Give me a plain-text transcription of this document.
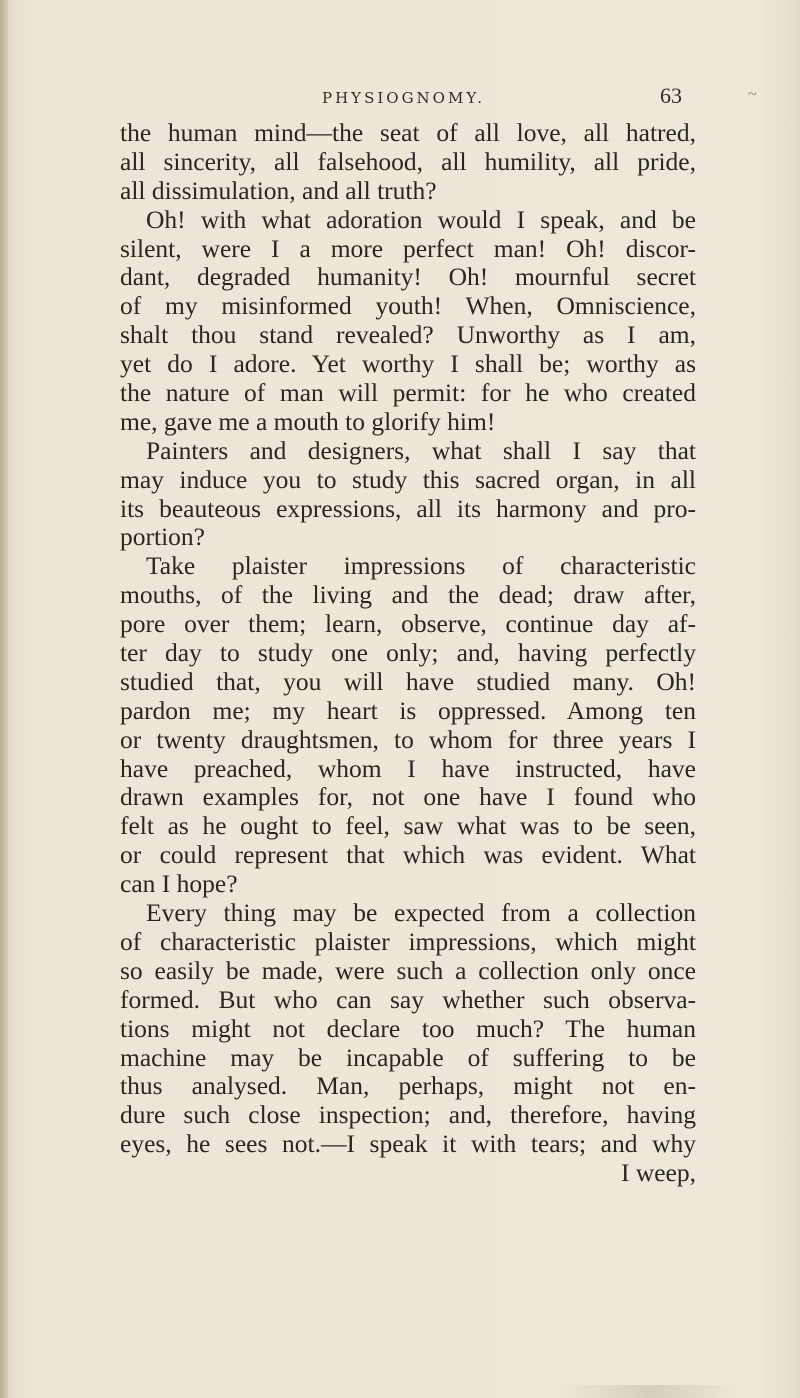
PHYSIOGNOMY.	63	~
the human mind—the seat of all love, all hatred,
all sincerity, all falsehood, all humility, all pride,
all dissimulation, and all truth?
Oh! with what adoration would I speak, and be
silent, were I a more perfect man! Oh! discor-
dant, degraded humanity! Oh! mournful secret
of my misinformed youth! When, Omniscience,
shalt thou stand revealed? Unworthy as I am,
yet do I adore. Yet worthy I shall be; worthy as
the nature of man will permit: for he who created
me, gave me a mouth to glorify him!
Painters and designers, what shall I say that
may induce you to study this sacred organ, in all
its beauteous expressions, all its harmony and pro-
portion?
Take plaister impressions of characteristic
mouths, of the living and the dead; draw after,
pore over them; learn, observe, continue day af-
ter day to study one only; and, having perfectly
studied that, you will have studied many. Oh!
pardon me; my heart is oppressed. Among ten
or twenty draughtsmen, to whom for three years I
have preached, whom I have instructed, have
drawn examples for, not one have I found who
felt as he ought to feel, saw what was to be seen,
or could represent that which was evident. What
can I hope?
Every thing may be expected from a collection
of characteristic plaister impressions, which might
so easily be made, were such a collection only once
formed. But who can say whether such observa-
tions might not declare too much? The human
machine may be incapable of suffering to be
thus analysed. Man, perhaps, might not en-
dure such close inspection; and, therefore, having
eyes, he sees not.—I speak it with tears; and why
I weep,
